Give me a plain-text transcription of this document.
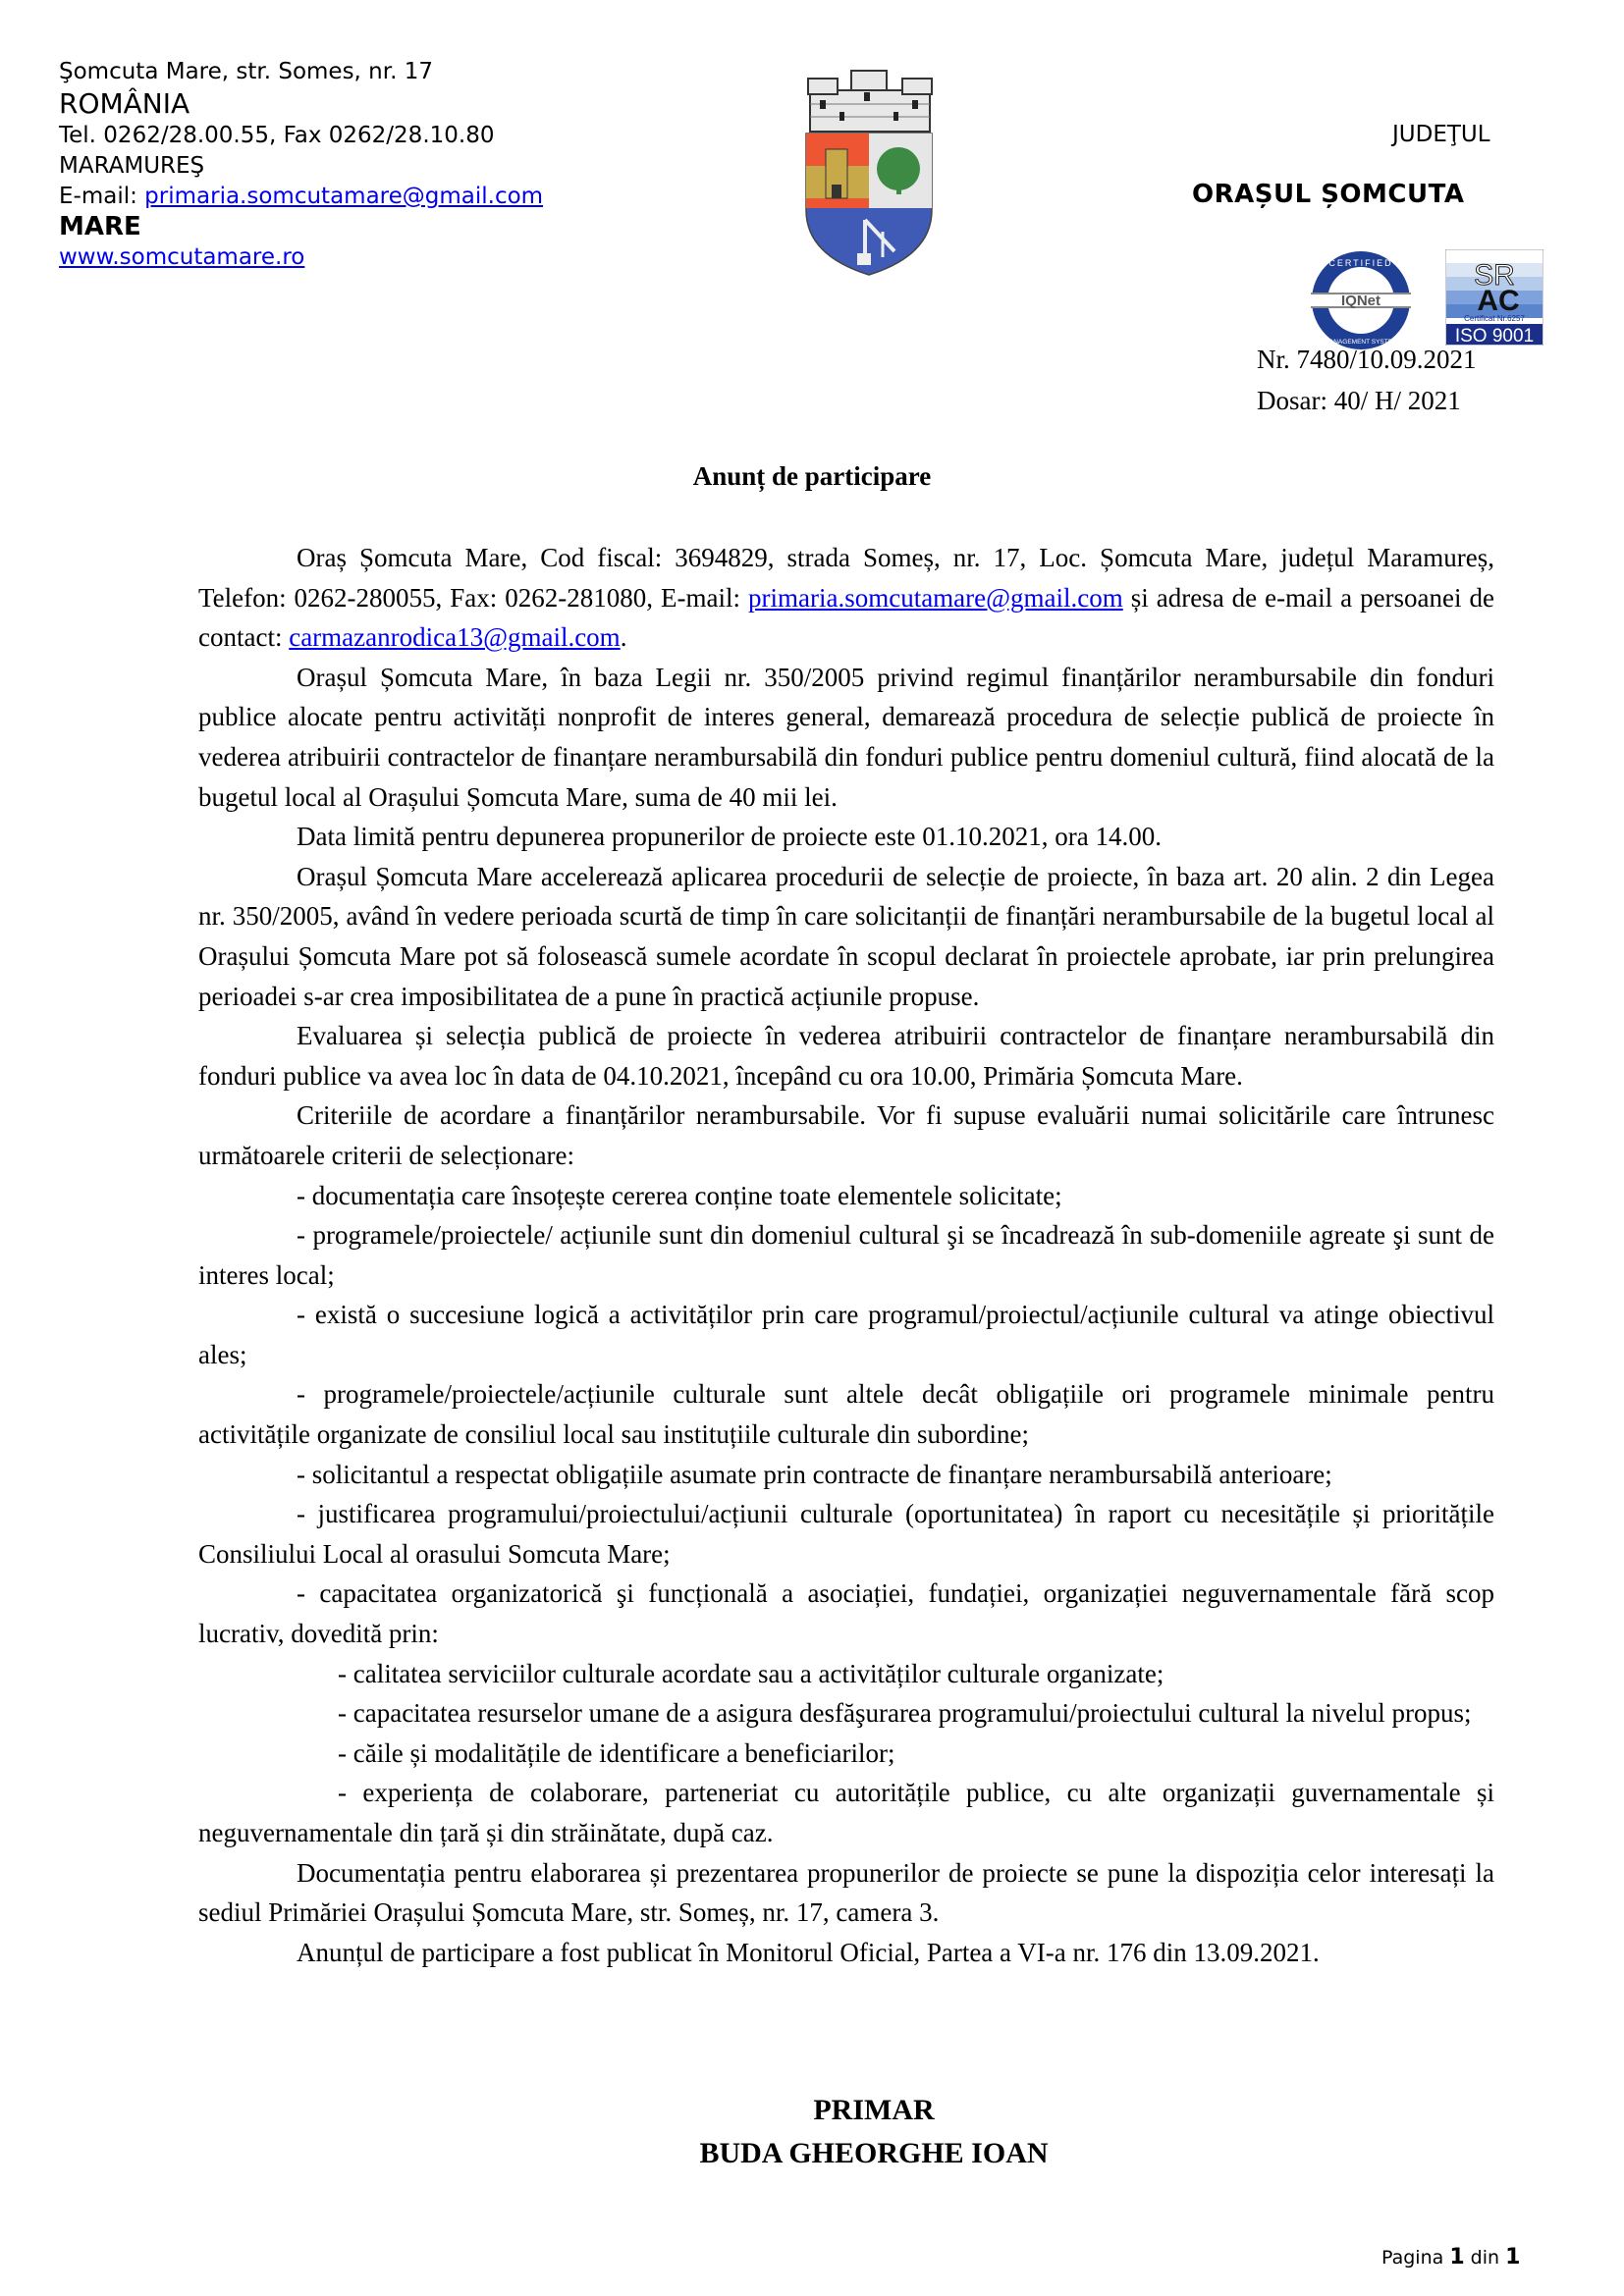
Şomcuta Mare, str. Somes, nr. 17
ROMÂNIA
Tel. 0262/28.00.55, Fax 0262/28.10.80
MARAMUREŞ
E-mail: primaria.somcutamare@gmail.com
MARE
www.somcutamare.ro
JUDEŢUL
ORAȘUL ȘOMCUTA
IQNet
CERTIFIED
MANAGEMENT SYSTEM
SR
AC
Certificat Nr.6257
ISO 9001
Nr. 7480/10.09.2021
Dosar: 40/ H/ 2021
Anunț de participare

Oraș Șomcuta Mare, Cod fiscal: 3694829, strada Someș, nr. 17, Loc. Șomcuta Mare, județul Maramureș, Telefon: 0262-280055, Fax: 0262-281080, E-mail: primaria.somcutamare@gmail.com și adresa de e-mail a persoanei de contact: carmazanrodica13@gmail.com.

Orașul Șomcuta Mare, în baza Legii nr. 350/2005 privind regimul finanțărilor nerambursabile din fonduri publice alocate pentru activități nonprofit de interes general, demarează procedura de selecție publică de proiecte în vederea atribuirii contractelor de finanțare nerambursabilă din fonduri publice pentru domeniul cultură, fiind alocată de la bugetul local al Orașului Șomcuta Mare, suma de 40 mii lei.

Data limită pentru depunerea propunerilor de proiecte este 01.10.2021, ora 14.00.

Orașul Șomcuta Mare accelerează aplicarea procedurii de selecție de proiecte, în baza art. 20 alin. 2 din Legea nr. 350/2005, având în vedere perioada scurtă de timp în care solicitanții de finanțări nerambursabile de la bugetul local al Orașului Șomcuta Mare pot să folosească sumele acordate în scopul declarat în proiectele aprobate, iar prin prelungirea perioadei s-ar crea imposibilitatea de a pune în practică acțiunile propuse.

Evaluarea și selecția publică de proiecte în vederea atribuirii contractelor de finanțare nerambursabilă din fonduri publice va avea loc în data de 04.10.2021, începând cu ora 10.00, Primăria Șomcuta Mare.

Criteriile de acordare a finanțărilor nerambursabile. Vor fi supuse evaluării numai solicitările care întrunesc următoarele criterii de selecționare:

- documentația care însoțește cererea conține toate elementele solicitate;

- programele/proiectele/ acțiunile sunt din domeniul cultural şi se încadrează în sub-domeniile agreate şi sunt de interes local;

- există o succesiune logică a activităților prin care programul/proiectul/acțiunile cultural va atinge obiectivul ales;

- programele/proiectele/acțiunile culturale sunt altele decât obligațiile ori programele minimale pentru activitățile organizate de consiliul local sau instituțiile culturale din subordine;

- solicitantul a respectat obligațiile asumate prin contracte de finanțare nerambursabilă anterioare;

- justificarea programului/proiectului/acțiunii culturale (oportunitatea) în raport cu necesitățile și prioritățile Consiliului Local al orasului Somcuta Mare;

- capacitatea organizatorică şi funcțională a asociației, fundației, organizației neguvernamentale fără scop lucrativ, dovedită prin:

- calitatea serviciilor culturale acordate sau a activităților culturale organizate;

- capacitatea resurselor umane de a asigura desfăşurarea programului/proiectului cultural la nivelul propus;

- căile și modalitățile de identificare a beneficiarilor;

- experiența de colaborare, parteneriat cu autoritățile publice, cu alte organizații guvernamentale și neguvernamentale din țară și din străinătate, după caz.

Documentația pentru elaborarea și prezentarea propunerilor de proiecte se pune la dispoziția celor interesați la sediul Primăriei Orașului Șomcuta Mare, str. Someș, nr. 17, camera 3.

Anunțul de participare a fost publicat în Monitorul Oficial, Partea a VI-a nr. 176 din 13.09.2021.

PRIMAR
BUDA GHEORGHE IOAN
Pagina 1 din 1
